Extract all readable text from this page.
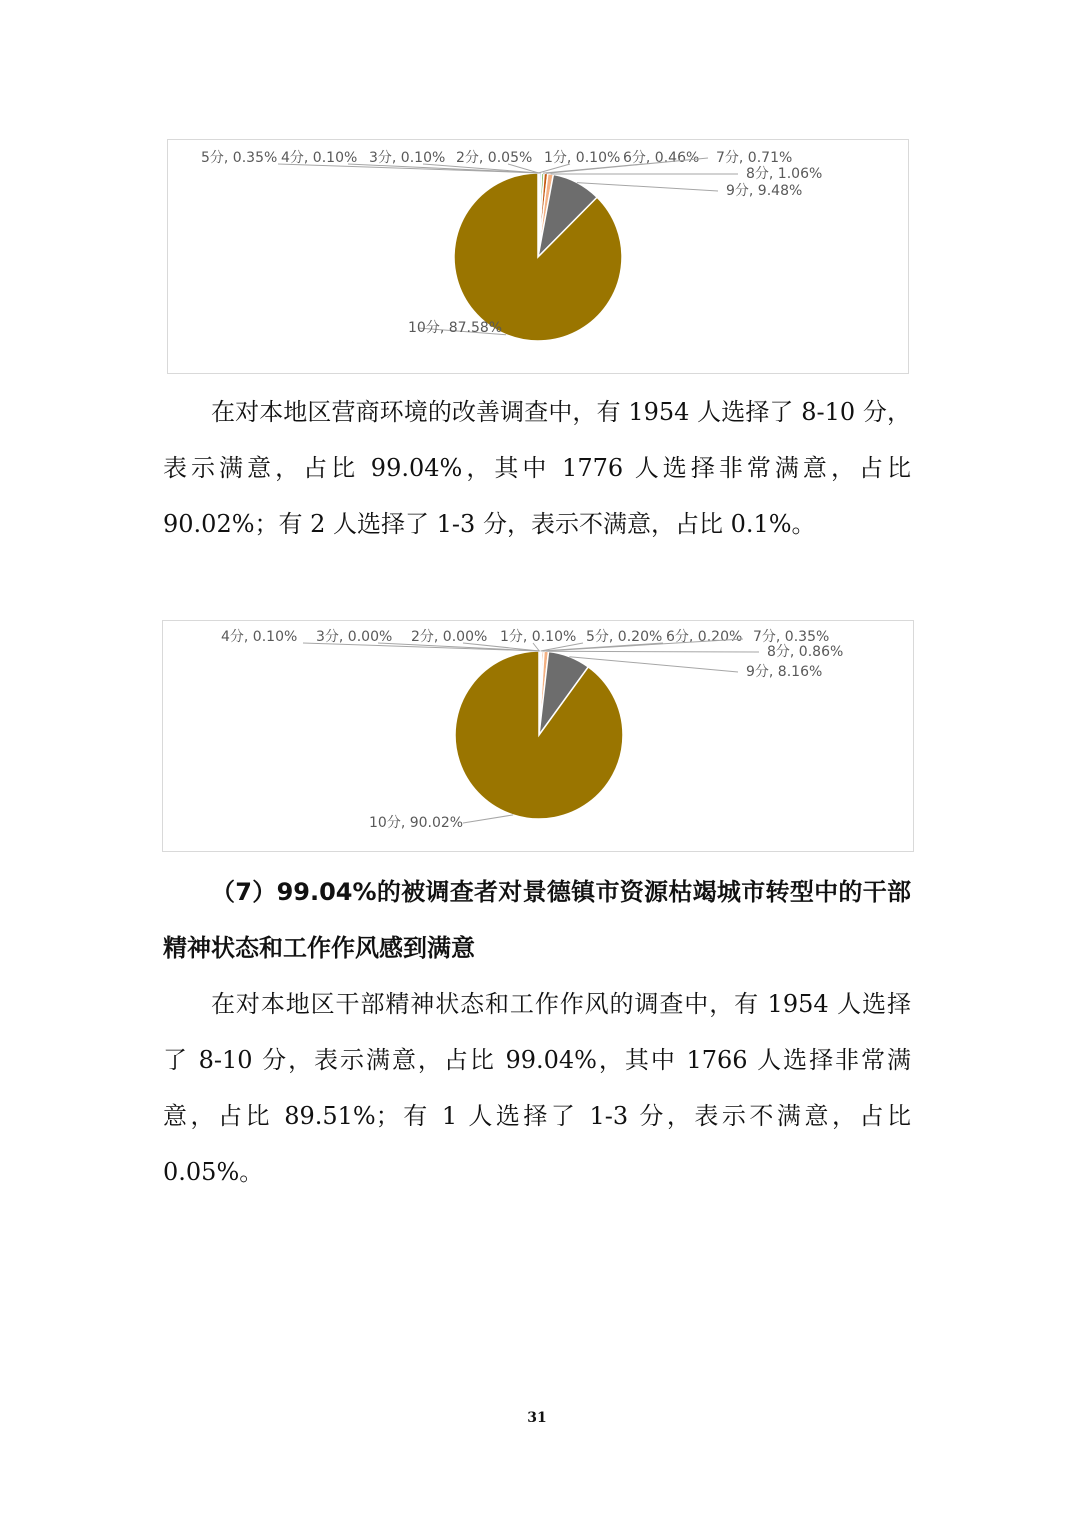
1分, 0.10%
2分, 0.05%
3分, 0.10%
4分, 0.10%
5分, 0.35%	6分, 0.46% 7分, 0.71%
8分, 1.06%
9分, 9.48%
10分, 87.58%

在对本地区营商环境的改善调查中，有 1954 人选择了 8-10 分，表示满意，占比 99.04%，其中 1776 人选择非常满意，占比 90.02%；有 2 人选择了 1-3 分，表示不满意，占比 0.1%。

1分, 0.10%
2分, 0.00%
3分, 0.00%
4分, 0.10%	5分, 0.20% 6分, 0.20% 7分, 0.35%
8分, 0.86%
9分, 8.16%
10分, 90.02%

（7）99.04%的被调查者对景德镇市资源枯竭城市转型中的干部精神状态和工作作风感到满意

在对本地区干部精神状态和工作作风的调查中，有 1954 人选择了 8-10 分，表示满意，占比 99.04%，其中 1766 人选择非常满意，占比 89.51%；有 1 人选择了 1-3 分，表示不满意，占比 0.05%。

31
